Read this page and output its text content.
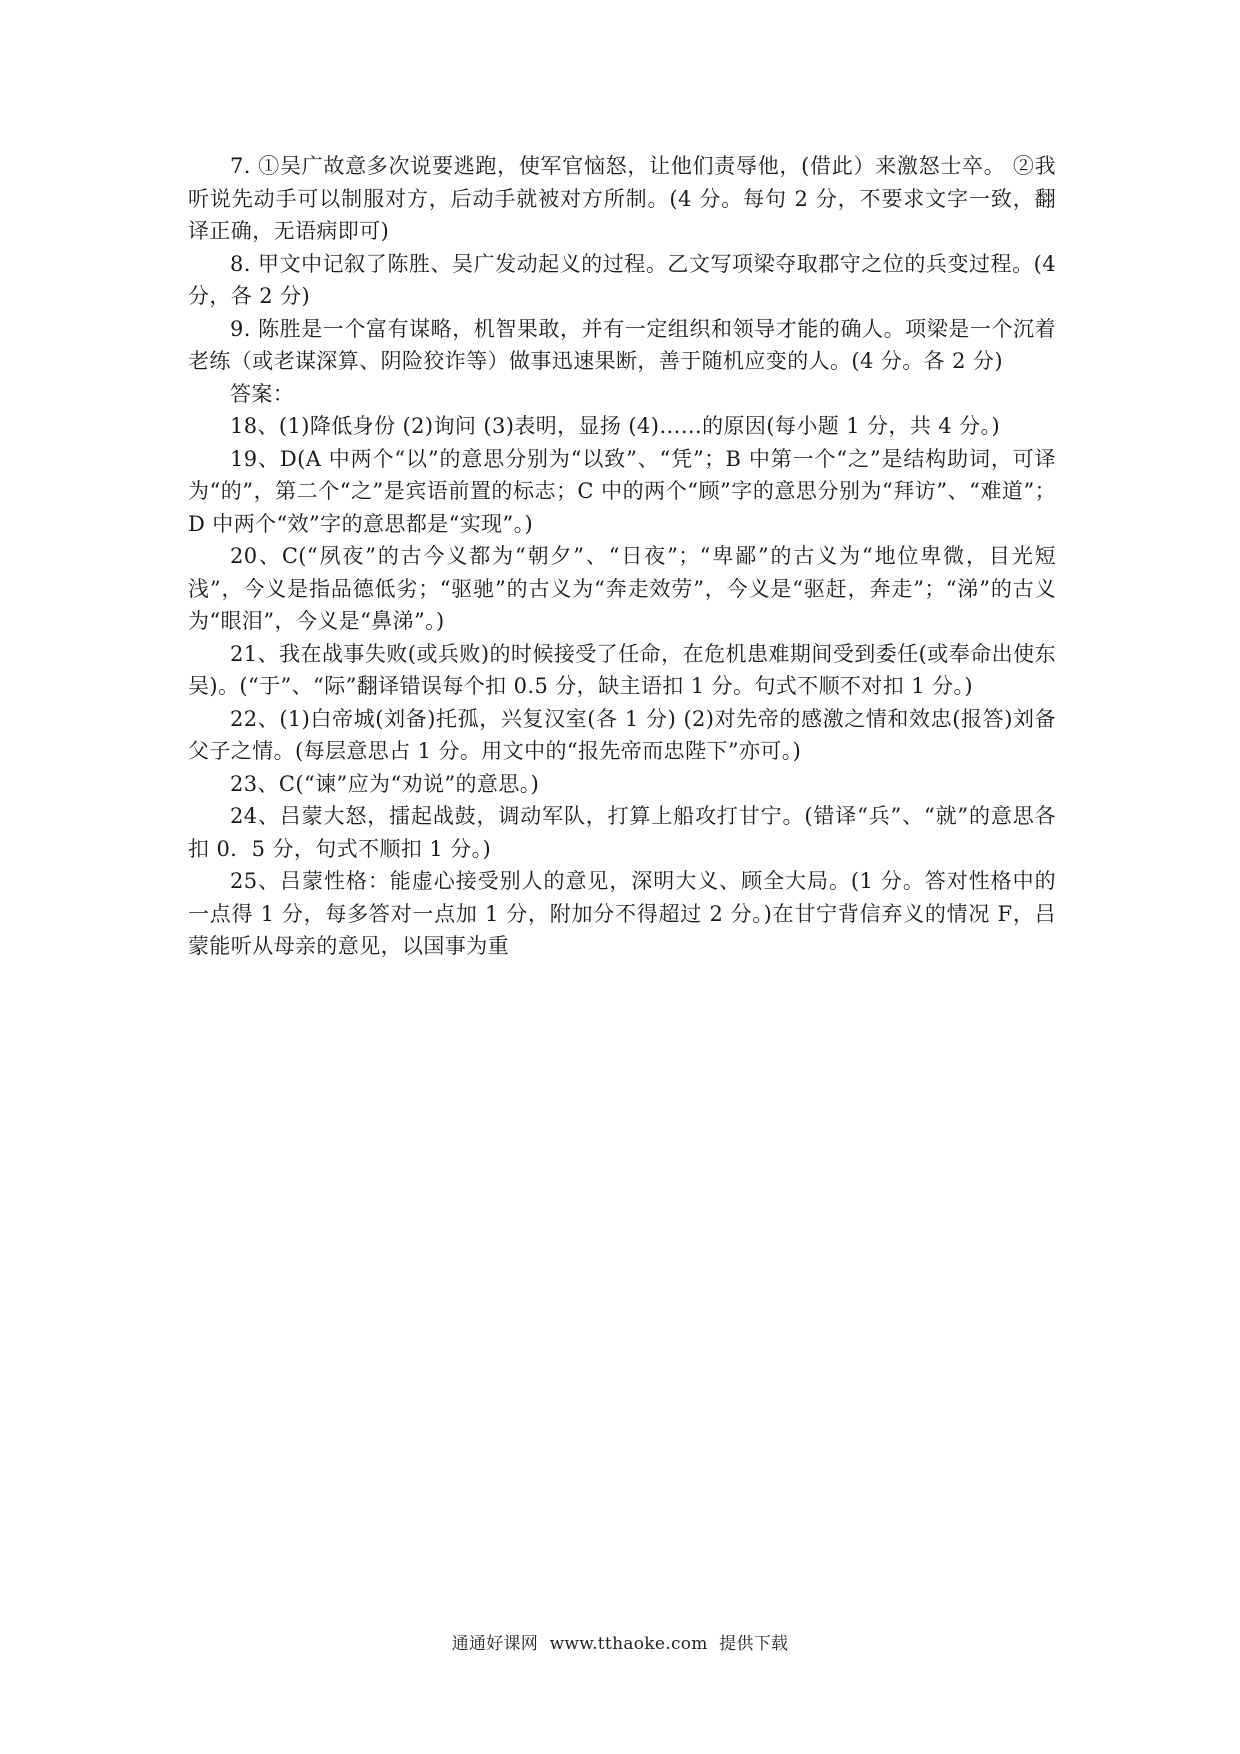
7. ①吴广故意多次说要逃跑，使军官恼怒，让他们责辱他，(借此）来激怒士卒。 ②我听说先动手可以制服对方，后动手就被对方所制。(4 分。每句 2 分，不要求文字一致，翻译正确，无语病即可)

8. 甲文中记叙了陈胜、吴广发动起义的过程。乙文写项梁夺取郡守之位的兵变过程。(4 分，各 2 分)

9. 陈胜是一个富有谋略，机智果敢，并有一定组织和领导才能的确人。项梁是一个沉着老练（或老谋深算、阴险狡诈等）做事迅速果断，善于随机应变的人。(4 分。各 2 分)

答案：

18、(1)降低身份 (2)询问 (3)表明，显扬 (4)……的原因(每小题 1 分，共 4 分。)

19、D(A 中两个“以”的意思分别为“以致”、“凭”；B 中第一个“之”是结构助词，可译为“的”，第二个“之”是宾语前置的标志；C 中的两个“顾”字的意思分别为“拜访”、“难道”；D 中两个“效”字的意思都是“实现”。)

20、C(“夙夜”的古今义都为“朝夕”、“日夜”；“卑鄙”的古义为“地位卑微，目光短浅”，今义是指品德低劣；“驱驰”的古义为“奔走效劳”，今义是“驱赶，奔走”；“涕”的古义为“眼泪”，今义是“鼻涕”。)

21、我在战事失败(或兵败)的时候接受了任命，在危机患难期间受到委任(或奉命出使东吴)。(“于”、“际”翻译错误每个扣 0.5 分，缺主语扣 1 分。句式不顺不对扣 1 分。)

22、(1)白帝城(刘备)托孤，兴复汉室(各 1 分) (2)对先帝的感激之情和效忠(报答)刘备父子之情。(每层意思占 1 分。用文中的“报先帝而忠陛下”亦可。)

23、C(“谏”应为“劝说”的意思。)

24、吕蒙大怒，擂起战鼓，调动军队，打算上船攻打甘宁。(错译“兵”、“就”的意思各扣 0．5 分，句式不顺扣 1 分。)

25、吕蒙性格：能虚心接受别人的意见，深明大义、顾全大局。(1 分。答对性格中的一点得 1 分，每多答对一点加 1 分，附加分不得超过 2 分。)在甘宁背信弃义的情况 F，吕蒙能听从母亲的意见，以国事为重

通通好课网 www.tthaoke.com 提供下载
